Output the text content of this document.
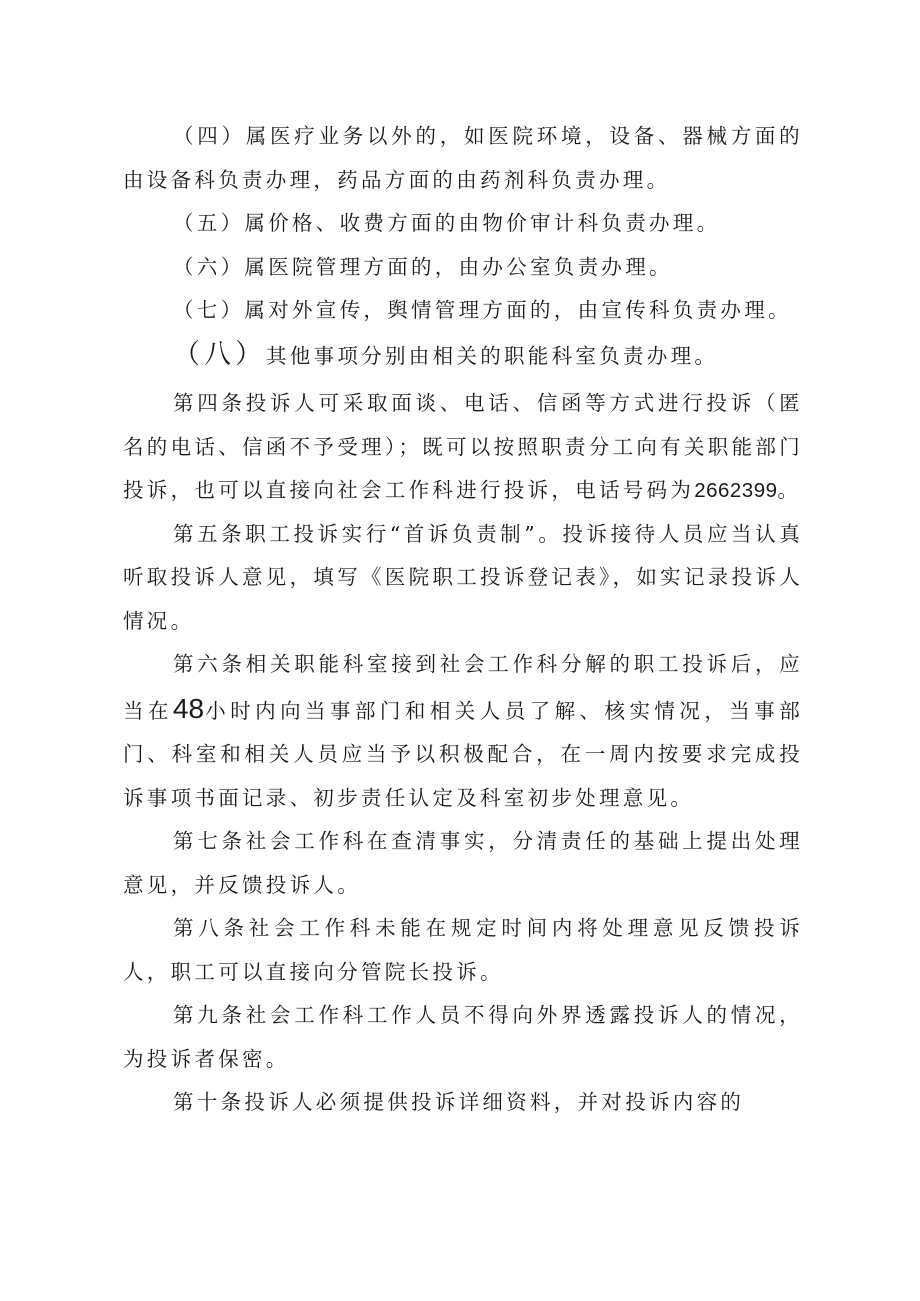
（四）属医疗业务以外的，如医院环境，设备、器械方面的由设备科负责办理，药品方面的由药剂科负责办理。

（五）属价格、收费方面的由物价审计科负责办理。

（六）属医院管理方面的，由办公室负责办理。

（七）属对外宣传，舆情管理方面的，由宣传科负责办理。

（八）其他事项分别由相关的职能科室负责办理。

第四条投诉人可采取面谈、电话、信函等方式进行投诉（匿名的电话、信函不予受理）；既可以按照职责分工向有关职能部门投诉，也可以直接向社会工作科进行投诉，电话号码为2662399。

第五条职工投诉实行“首诉负责制”。投诉接待人员应当认真听取投诉人意见，填写《医院职工投诉登记表》，如实记录投诉人情况。

第六条相关职能科室接到社会工作科分解的职工投诉后，应当在48小时内向当事部门和相关人员了解、核实情况，当事部门、科室和相关人员应当予以积极配合，在一周内按要求完成投诉事项书面记录、初步责任认定及科室初步处理意见。

第七条社会工作科在查清事实，分清责任的基础上提出处理意见，并反馈投诉人。

第八条社会工作科未能在规定时间内将处理意见反馈投诉人，职工可以直接向分管院长投诉。

第九条社会工作科工作人员不得向外界透露投诉人的情况，为投诉者保密。

第十条投诉人必须提供投诉详细资料，并对投诉内容的
